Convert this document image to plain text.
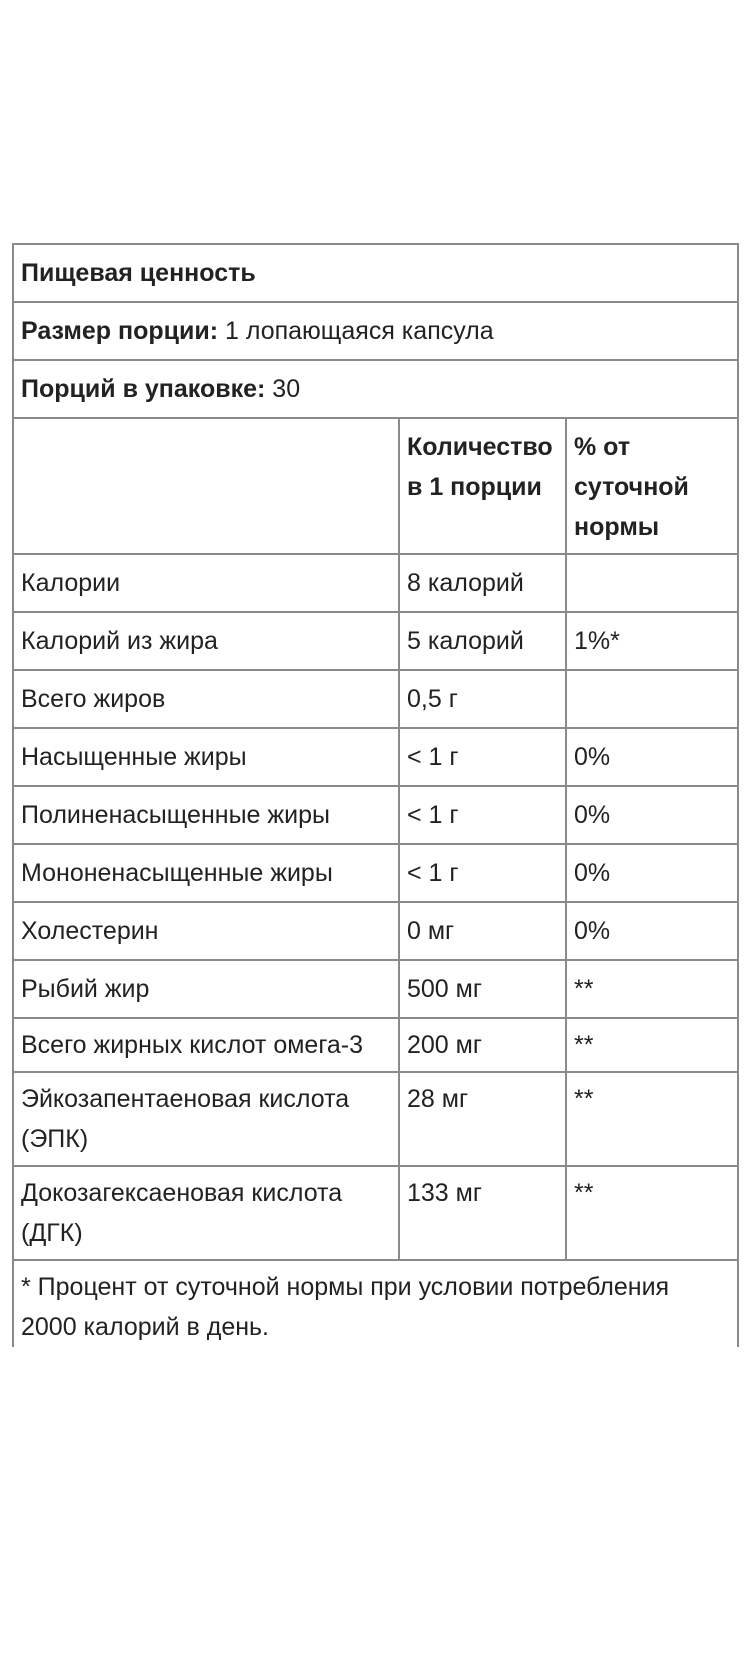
Пищевая ценность		
Размер порции: 1 лопающаяся капсула		
Порций в упаковке: 30		
	Количество в 1 порции	% от суточной нормы
Калории	8 калорий	
Калорий из жира	5 калорий	1%*
Всего жиров	0,5 г	
Насыщенные жиры	< 1 г	0%
Полиненасыщенные жиры	< 1 г	0%
Мононенасыщенные жиры	< 1 г	0%
Холестерин	0 мг	0%
Рыбий жир	500 мг	**
Всего жирных кислот омега-3	200 мг	**
Эйкозапентаеновая кислота (ЭПК)	28 мг	**
Докозагексаеновая кислота (ДГК)	133 мг	**
* Процент от суточной нормы при условии потребления 2000 калорий в день.		
